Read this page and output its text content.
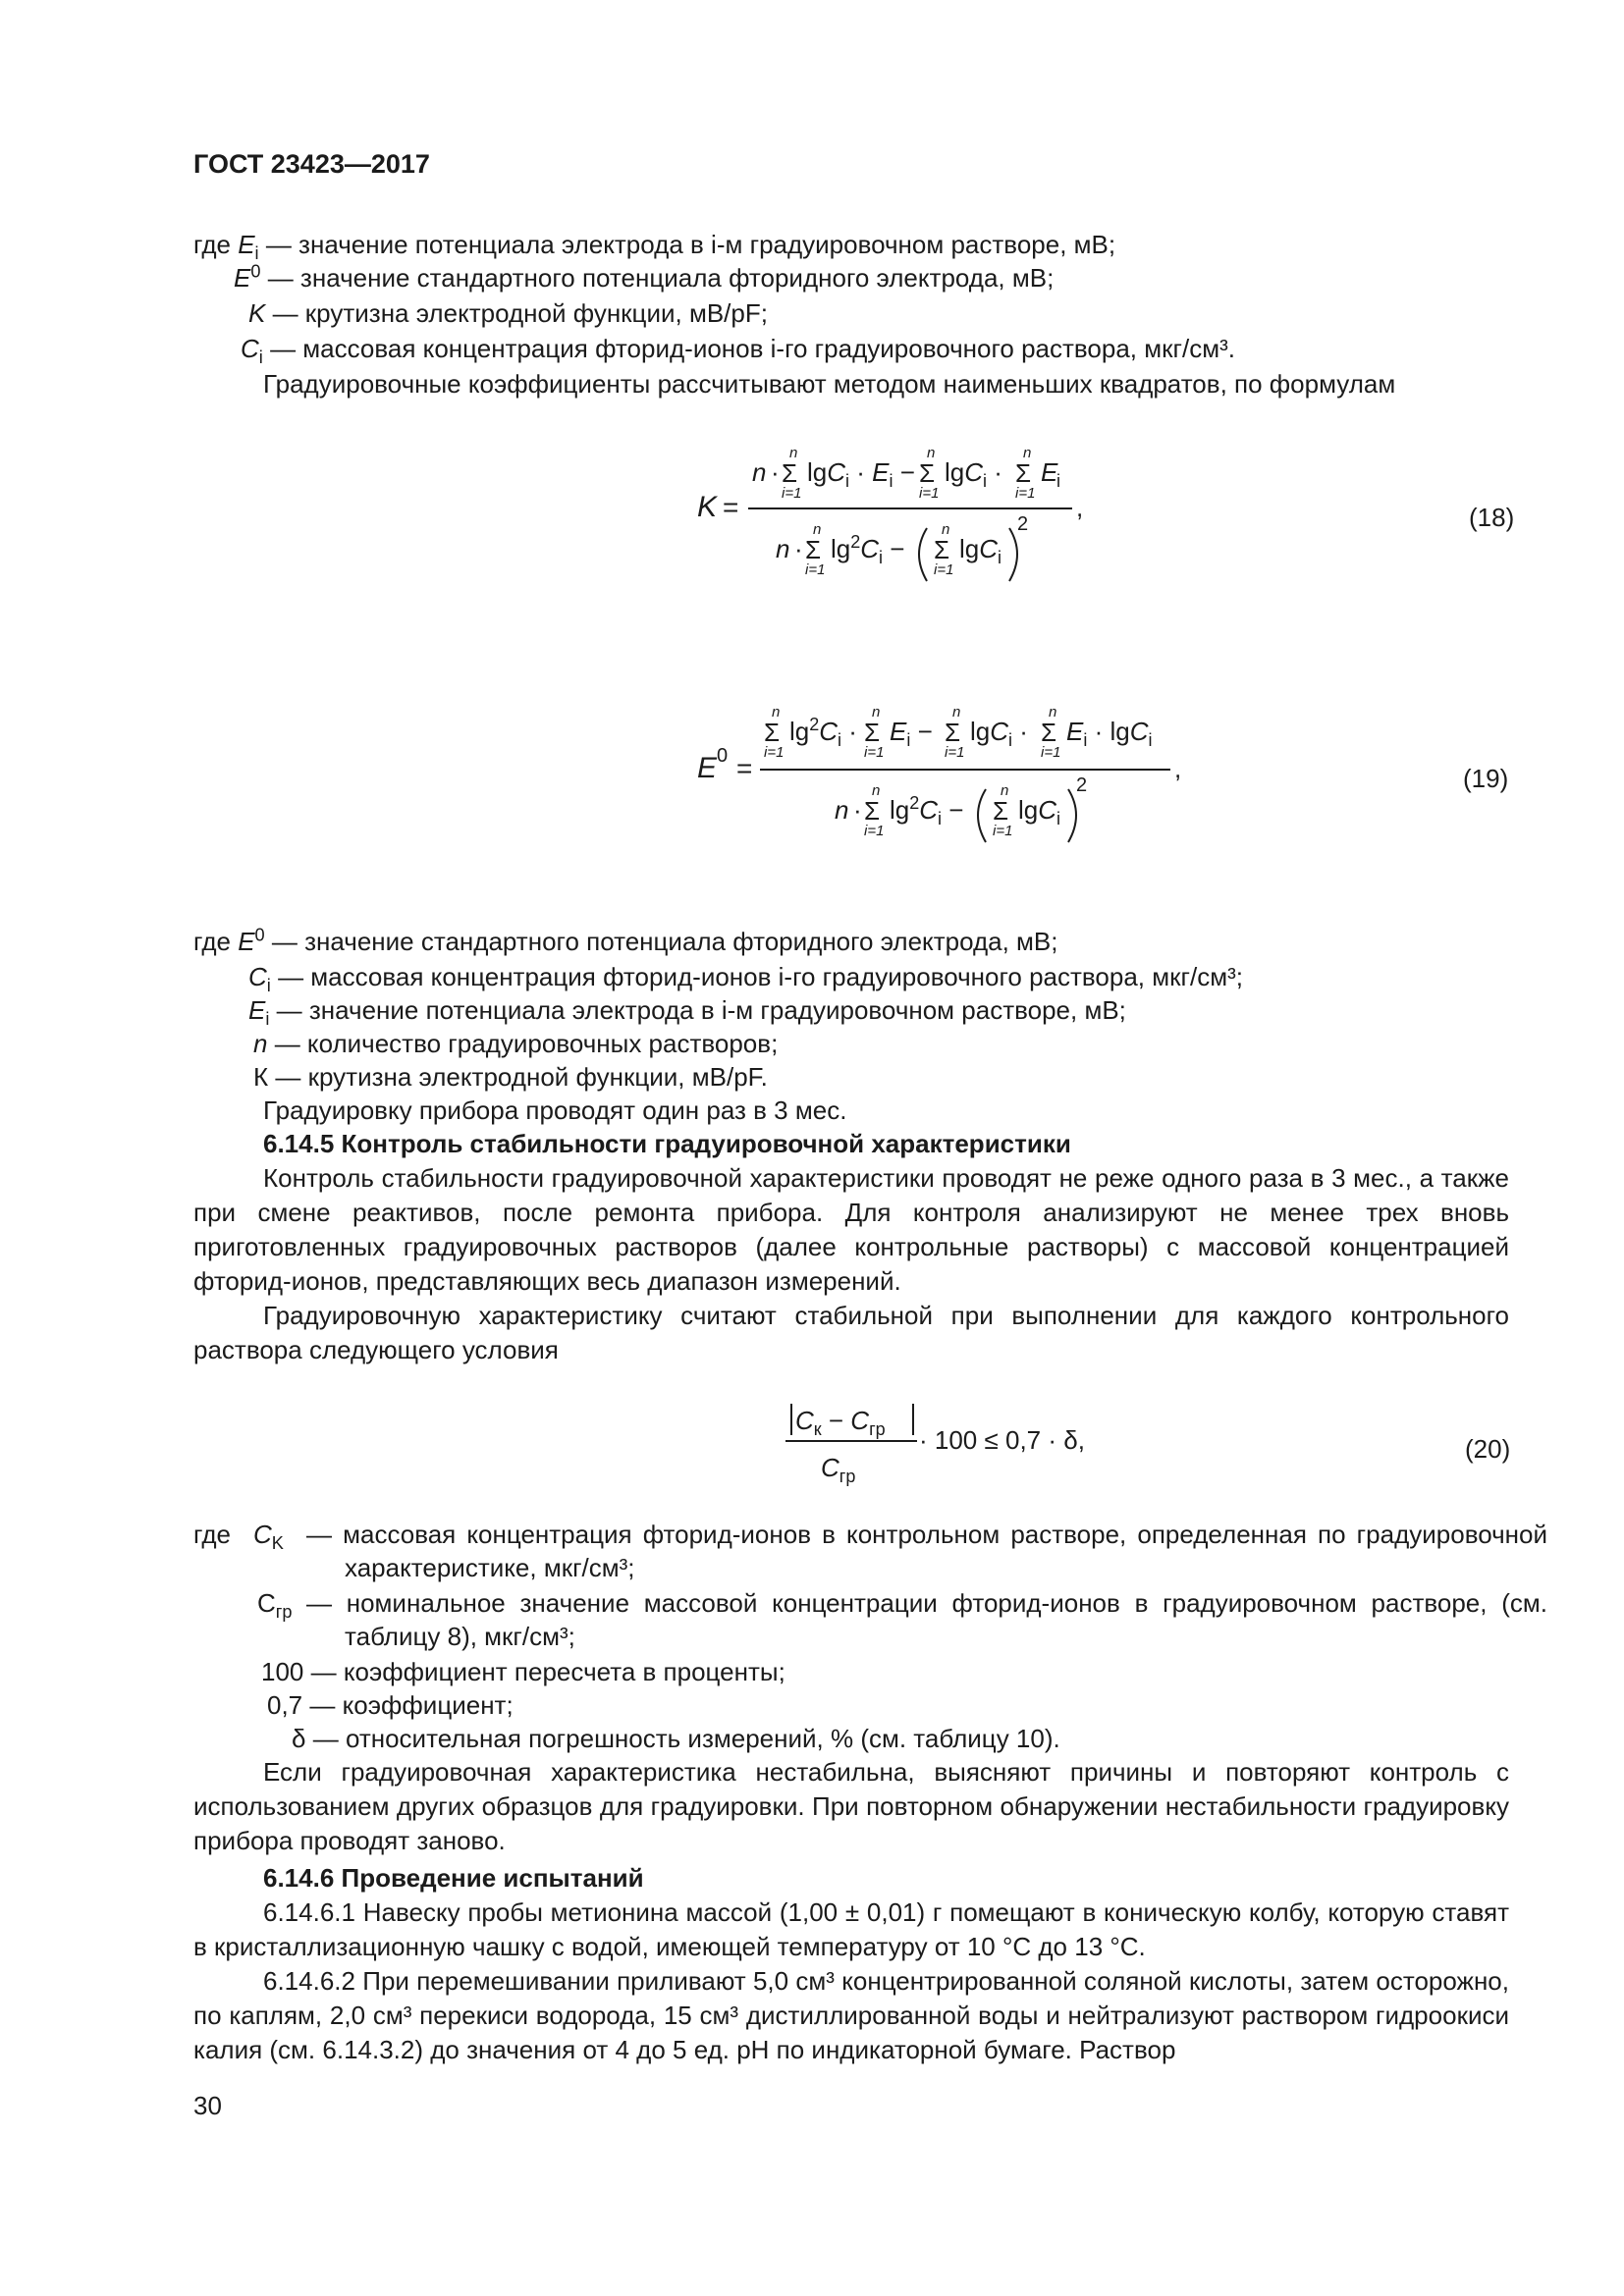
ГОСТ 23423—2017
где $E_i$ — значение потенциала электрода в i-м градуировочном растворе, мВ;
$E^0$ — значение стандартного потенциала фторидного электрода, мВ;
K — крутизна электродной функции, мВ/pF;
$C_i$ — массовая концентрация фторид-ионов i-го градуировочного раствора, мкг/см³.
Градуировочные коэффициенты рассчитывают методом наименьших квадратов, по формулам
K =
n ·
n
Σ
i=1
$\lg C_i \cdot E_i$ −
n
Σ
i=1
lgC$_i$ ·
n
Σ
i=1
E
i
,
n ·
n
Σ
i=1
$\lg^2C_i$ −
n
Σ
i=1
lgC$_i$
2	(18)
E 0 =
n
Σ
i=1
$\lg^2C_i$ ·
n
Σ
i=1
$E_i$ −
n
Σ
i=1
lgC$_i$ ·
n
Σ
i=1
$E_i \cdot \lg C_i$
,
n ·
n
Σ
i=1
$\lg^2C_i$ −
n
Σ
i=1
lgC$_i$
2	(19)
где $E^0$ — значение стандартного потенциала фторидного электрода, мВ;
$C_i$ — массовая концентрация фторид-ионов i-го градуировочного раствора, мкг/см³;
$E_i$ — значение потенциала электрода в i-м градуировочном растворе, мВ;
n — количество градуировочных растворов;
К — крутизна электродной функции, мВ/pF.
Градуировку прибора проводят один раз в 3 мес.
6.14.5 Контроль стабильности градуировочной характеристики

Контроль стабильности градуировочной характеристики проводят не реже одного раза в 3 мес., а также при смене реактивов, после ремонта прибора. Для контроля анализируют не менее трех вновь приготовленных градуировочных растворов (далее контрольные растворы) с массовой концентрацией фторид-ионов, представляющих весь диапазон измерений.

Градуировочную характеристику считают стабильной при выполнении для каждого контрольного раствора следующего условия

$C_к - C_{гр}$
$C_{гр}$
· 100 ≤ 0,7 · δ,	(20)
где $C_K$ — массовая концентрация фторид-ионов в контрольном растворе, определенная по градуировочной характеристике, мкг/см³;
$C_{гр}$ — номинальное значение массовой концентрации фторид-ионов в градуировочном растворе, (см. таблицу 8), мкг/см³;
100 — коэффициент пересчета в проценты;
0,7 — коэффициент;
δ — относительная погрешность измерений, % (см. таблицу 10).

Если градуировочная характеристика нестабильна, выясняют причины и повторяют контроль с использованием других образцов для градуировки. При повторном обнаружении нестабильности градуировку прибора проводят заново.

6.14.6 Проведение испытаний

6.14.6.1 Навеску пробы метионина массой (1,00 ± 0,01) г помещают в коническую колбу, которую ставят в кристаллизационную чашку с водой, имеющей температуру от 10 °С до 13 °С.

6.14.6.2 При перемешивании приливают 5,0 см³ концентрированной соляной кислоты, затем осторожно, по каплям, 2,0 см³ перекиси водорода, 15 см³ дистиллированной воды и нейтрализуют раствором гидроокиси калия (см. 6.14.3.2) до значения от 4 до 5 ед. рН по индикаторной бумаге. Раствор

30
